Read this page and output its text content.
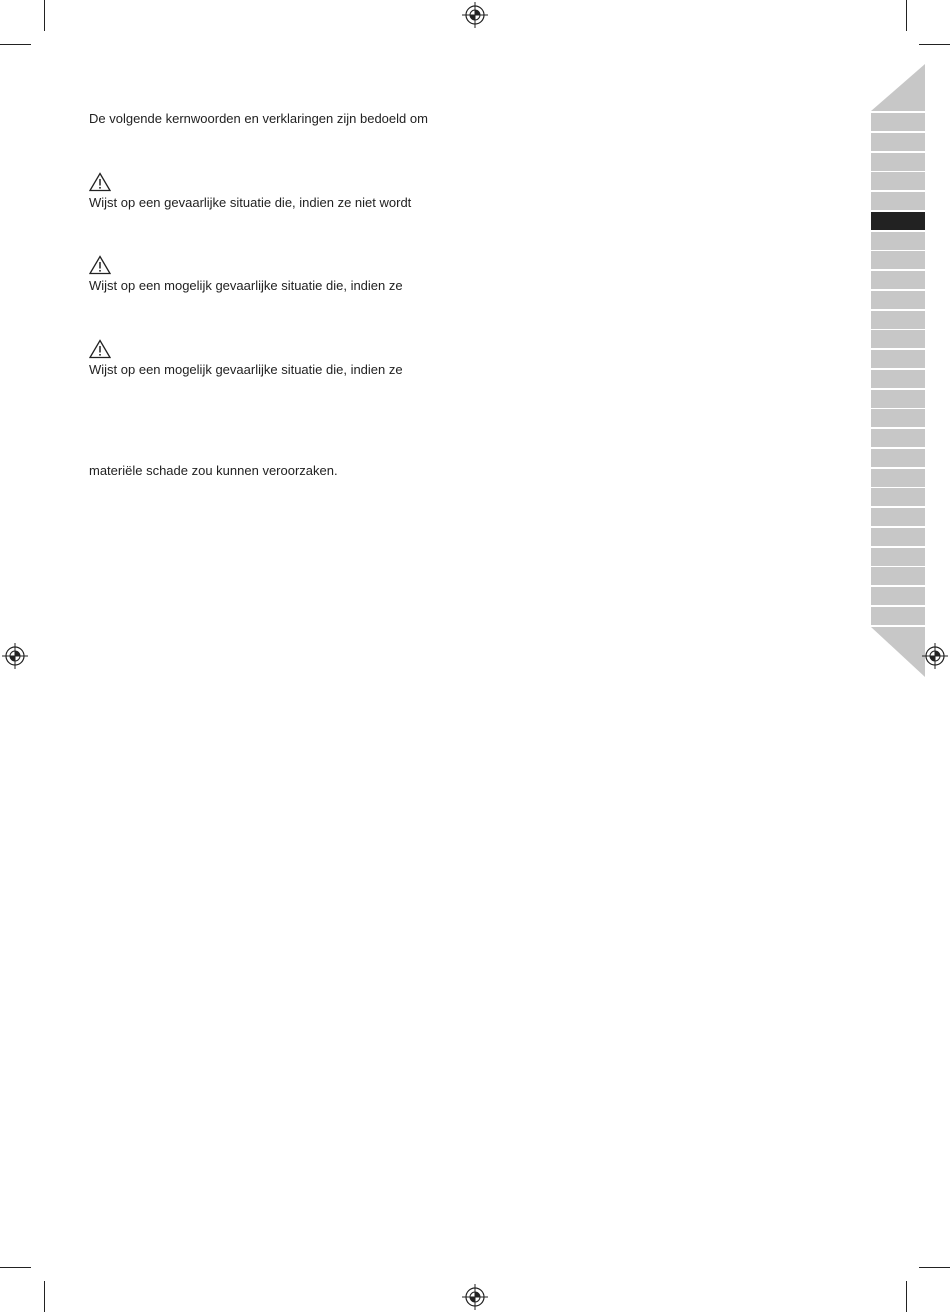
De volgende kernwoorden en verklaringen zijn bedoeld om
Wijst op een gevaarlijke situatie die, indien ze niet wordt
Wijst op een mogelijk gevaarlijke situatie die, indien ze
Wijst op een mogelijk gevaarlijke situatie die, indien ze
materiële schade zou kunnen veroorzaken.
